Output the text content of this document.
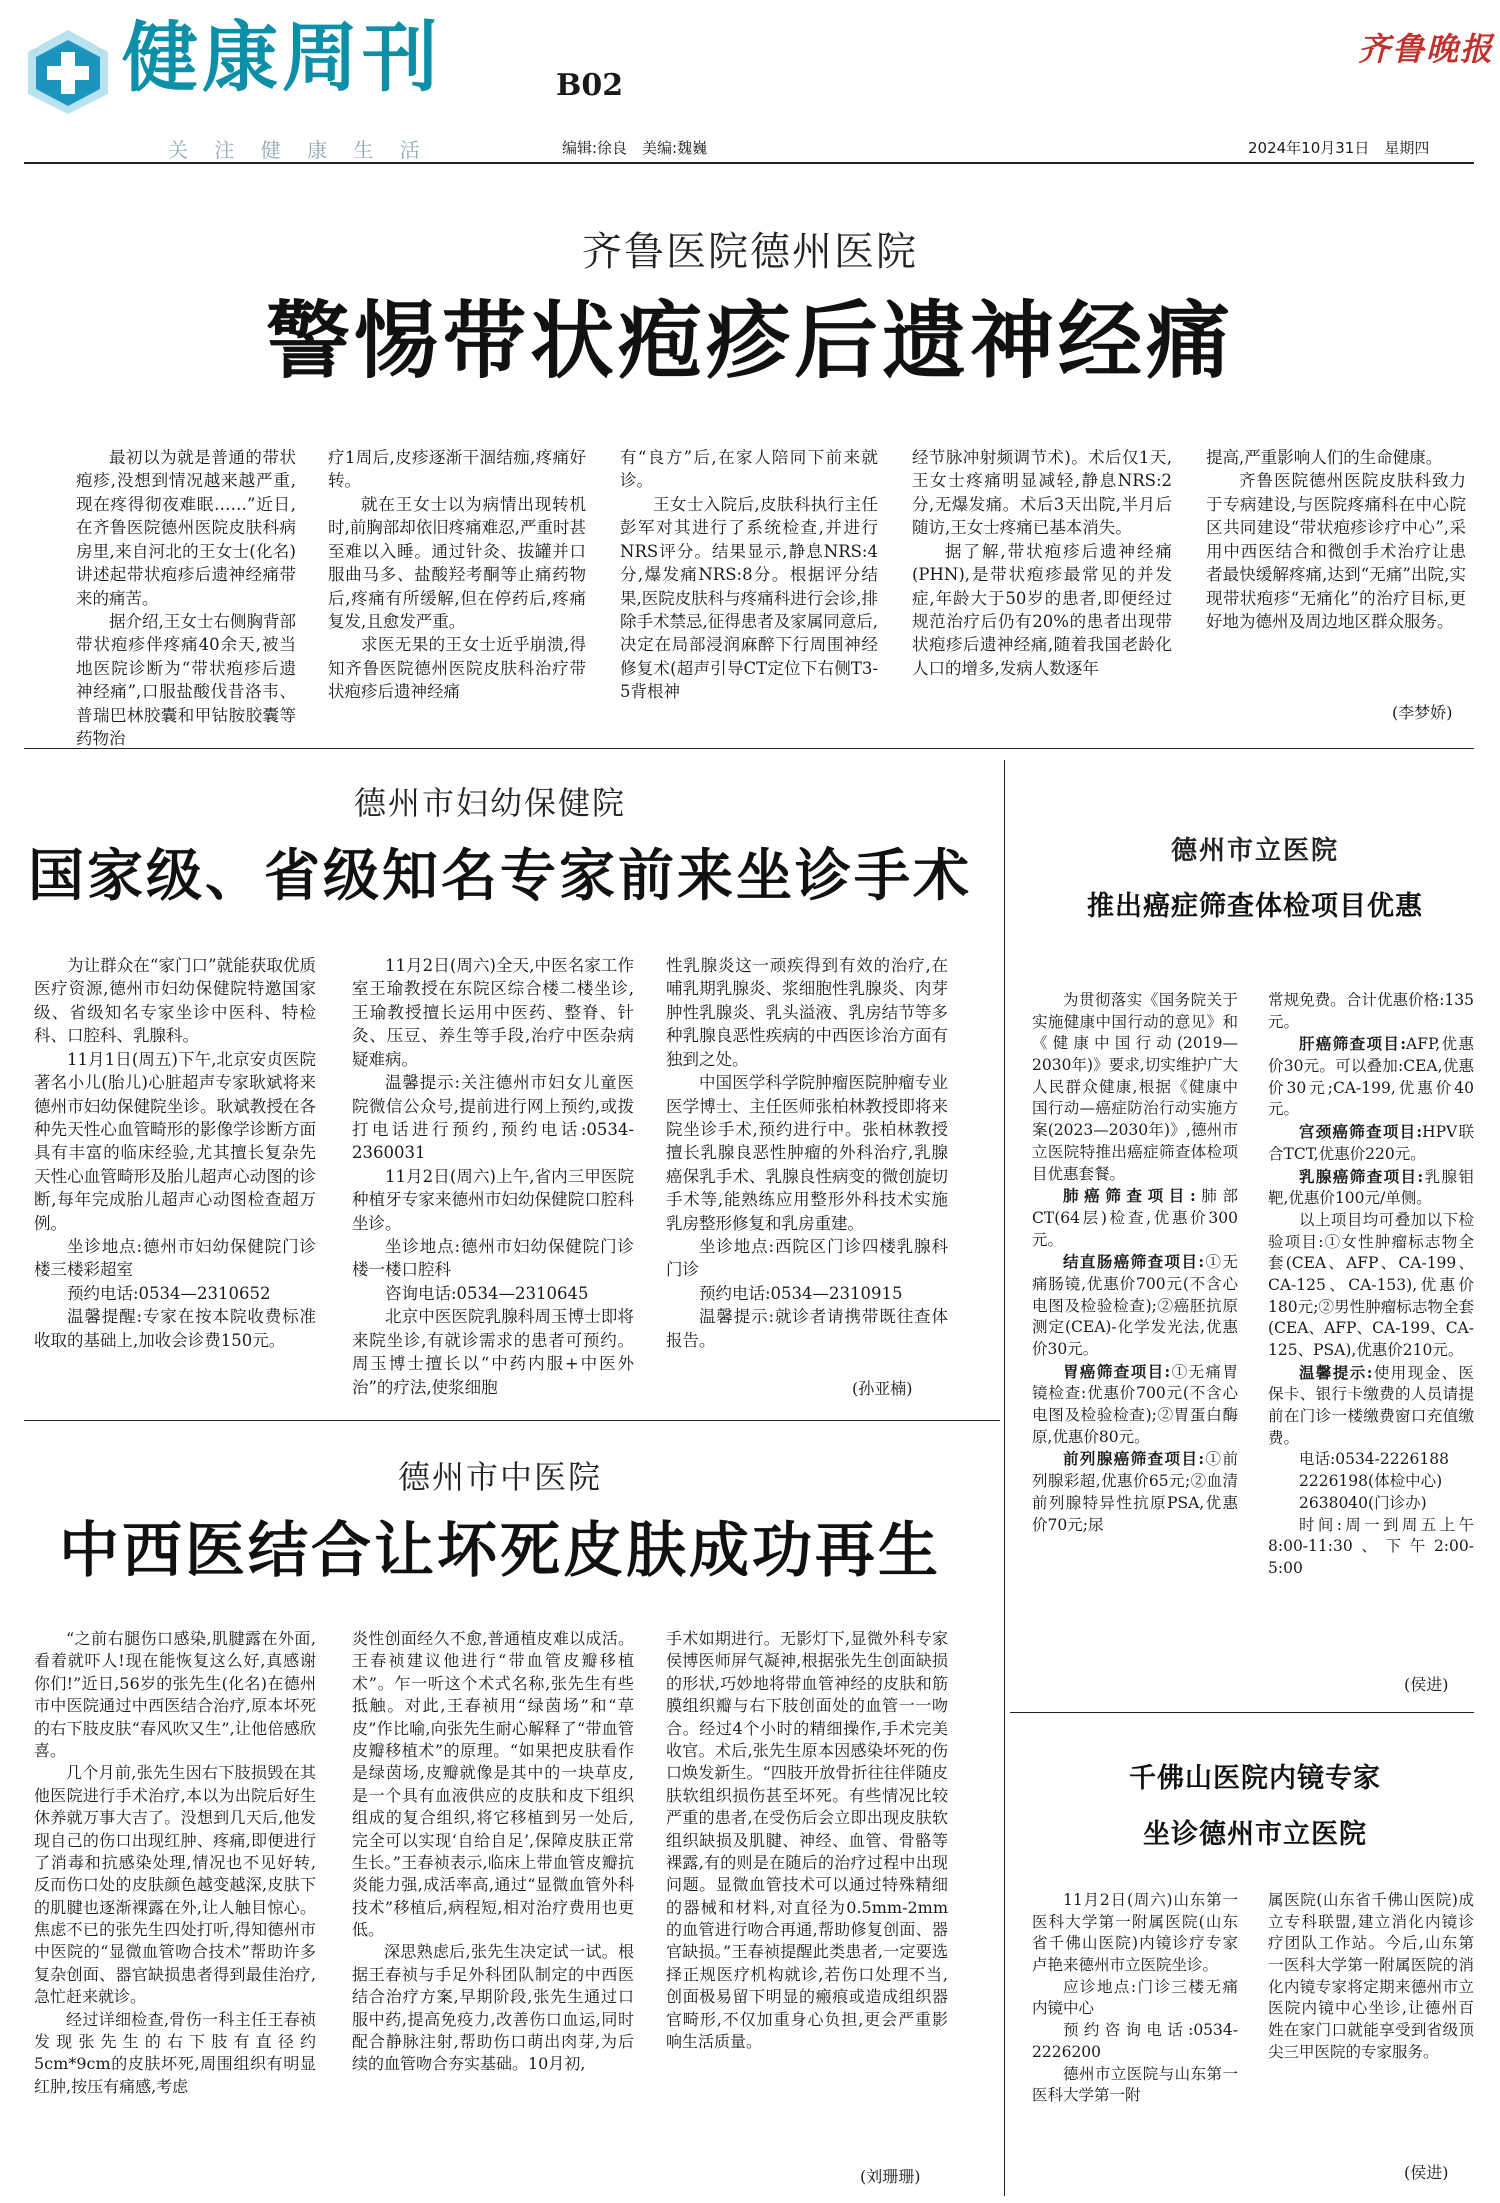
健康周刊	B02
关 注 健 康 生 活
齐鲁晚报
编辑:徐良　美编:魏巍	2024年10月31日　星期四
齐鲁医院德州医院
警惕带状疱疹后遗神经痛

最初以为就是普通的带状疱疹,没想到情况越来越严重,现在疼得彻夜难眠……”近日,在齐鲁医院德州医院皮肤科病房里,来自河北的王女士(化名)讲述起带状疱疹后遗神经痛带来的痛苦。

据介绍,王女士右侧胸背部带状疱疹伴疼痛40余天,被当地医院诊断为“带状疱疹后遗神经痛”,口服盐酸伐昔洛韦、普瑞巴林胶囊和甲钴胺胶囊等药物治

疗1周后,皮疹逐渐干涸结痂,疼痛好转。

就在王女士以为病情出现转机时,前胸部却依旧疼痛难忍,严重时甚至难以入睡。通过针灸、拔罐并口服曲马多、盐酸羟考酮等止痛药物后,疼痛有所缓解,但在停药后,疼痛复发,且愈发严重。

求医无果的王女士近乎崩溃,得知齐鲁医院德州医院皮肤科治疗带状疱疹后遗神经痛

有“良方”后,在家人陪同下前来就诊。

王女士入院后,皮肤科执行主任彭军对其进行了系统检查,并进行NRS评分。结果显示,静息NRS:4分,爆发痛NRS:8分。根据评分结果,医院皮肤科与疼痛科进行会诊,排除手术禁忌,征得患者及家属同意后,决定在局部浸润麻醉下行周围神经修复术(超声引导CT定位下右侧T3-5背根神

经节脉冲射频调节术)。术后仅1天,王女士疼痛明显减轻,静息NRS:2分,无爆发痛。术后3天出院,半月后随访,王女士疼痛已基本消失。

据了解,带状疱疹后遗神经痛(PHN),是带状疱疹最常见的并发症,年龄大于50岁的患者,即便经过规范治疗后仍有20%的患者出现带状疱疹后遗神经痛,随着我国老龄化人口的增多,发病人数逐年

提高,严重影响人们的生命健康。

齐鲁医院德州医院皮肤科致力于专病建设,与医院疼痛科在中心院区共同建设“带状疱疹诊疗中心”,采用中西医结合和微创手术治疗让患者最快缓解疼痛,达到“无痛”出院,实现带状疱疹“无痛化”的治疗目标,更好地为德州及周边地区群众服务。

(李梦娇)
德州市妇幼保健院
国家级、省级知名专家前来坐诊手术

为让群众在“家门口”就能获取优质医疗资源,德州市妇幼保健院特邀国家级、省级知名专家坐诊中医科、特检科、口腔科、乳腺科。

11月1日(周五)下午,北京安贞医院著名小儿(胎儿)心脏超声专家耿斌将来德州市妇幼保健院坐诊。耿斌教授在各种先天性心血管畸形的影像学诊断方面具有丰富的临床经验,尤其擅长复杂先天性心血管畸形及胎儿超声心动图的诊断,每年完成胎儿超声心动图检查超万例。

坐诊地点:德州市妇幼保健院门诊楼三楼彩超室

预约电话:0534—2310652

温馨提醒:专家在按本院收费标准收取的基础上,加收会诊费150元。

11月2日(周六)全天,中医名家工作室王瑜教授在东院区综合楼二楼坐诊,王瑜教授擅长运用中医药、整脊、针灸、压豆、养生等手段,治疗中医杂病疑难病。

温馨提示:关注德州市妇女儿童医院微信公众号,提前进行网上预约,或拨打电话进行预约,预约电话:0534-2360031

11月2日(周六)上午,省内三甲医院种植牙专家来德州市妇幼保健院口腔科坐诊。

坐诊地点:德州市妇幼保健院门诊楼一楼口腔科

咨询电话:0534—2310645

北京中医医院乳腺科周玉博士即将来院坐诊,有就诊需求的患者可预约。周玉博士擅长以“中药内服+中医外治”的疗法,使浆细胞

性乳腺炎这一顽疾得到有效的治疗,在哺乳期乳腺炎、浆细胞性乳腺炎、肉芽肿性乳腺炎、乳头溢液、乳房结节等多种乳腺良恶性疾病的中西医诊治方面有独到之处。

中国医学科学院肿瘤医院肿瘤专业医学博士、主任医师张柏林教授即将来院坐诊手术,预约进行中。张柏林教授擅长乳腺良恶性肿瘤的外科治疗,乳腺癌保乳手术、乳腺良性病变的微创旋切手术等,能熟练应用整形外科技术实施乳房整形修复和乳房重建。

坐诊地点:西院区门诊四楼乳腺科门诊

预约电话:0534—2310915

温馨提示:就诊者请携带既往查体报告。

(孙亚楠)
德州市中医院
中西医结合让坏死皮肤成功再生

“之前右腿伤口感染,肌腱露在外面,看着就吓人!现在能恢复这么好,真感谢你们!”近日,56岁的张先生(化名)在德州市中医院通过中西医结合治疗,原本坏死的右下肢皮肤“春风吹又生”,让他倍感欣喜。

几个月前,张先生因右下肢损毁在其他医院进行手术治疗,本以为出院后好生休养就万事大吉了。没想到几天后,他发现自己的伤口出现红肿、疼痛,即便进行了消毒和抗感染处理,情况也不见好转,反而伤口处的皮肤颜色越变越深,皮肤下的肌腱也逐渐裸露在外,让人触目惊心。焦虑不已的张先生四处打听,得知德州市中医院的“显微血管吻合技术”帮助许多复杂创面、器官缺损患者得到最佳治疗,急忙赶来就诊。

经过详细检查,骨伤一科主任王春祯发现张先生的右下肢有直径约5cm*9cm的皮肤坏死,周围组织有明显红肿,按压有痛感,考虑

炎性创面经久不愈,普通植皮难以成活。王春祯建议他进行“带血管皮瓣移植术”。乍一听这个术式名称,张先生有些抵触。对此,王春祯用“绿茵场”和“草皮”作比喻,向张先生耐心解释了“带血管皮瓣移植术”的原理。“如果把皮肤看作是绿茵场,皮瓣就像是其中的一块草皮,是一个具有血液供应的皮肤和皮下组织组成的复合组织,将它移植到另一处后,完全可以实现‘自给自足’,保障皮肤正常生长。”王春祯表示,临床上带血管皮瓣抗炎能力强,成活率高,通过“显微血管外科技术”移植后,病程短,相对治疗费用也更低。

深思熟虑后,张先生决定试一试。根据王春祯与手足外科团队制定的中西医结合治疗方案,早期阶段,张先生通过口服中药,提高免疫力,改善伤口血运,同时配合静脉注射,帮助伤口萌出肉芽,为后续的血管吻合夯实基础。10月初,

手术如期进行。无影灯下,显微外科专家侯博医师屏气凝神,根据张先生创面缺损的形状,巧妙地将带血管神经的皮肤和筋膜组织瓣与右下肢创面处的血管一一吻合。经过4个小时的精细操作,手术完美收官。术后,张先生原本因感染坏死的伤口焕发新生。“四肢开放骨折往往伴随皮肤软组织损伤甚至坏死。有些情况比较严重的患者,在受伤后会立即出现皮肤软组织缺损及肌腱、神经、血管、骨骼等裸露,有的则是在随后的治疗过程中出现问题。显微血管技术可以通过特殊精细的器械和材料,对直径为0.5mm-2mm的血管进行吻合再通,帮助修复创面、器官缺损。”王春祯提醒此类患者,一定要选择正规医疗机构就诊,若伤口处理不当,创面极易留下明显的瘢痕或造成组织器官畸形,不仅加重身心负担,更会严重影响生活质量。

(刘珊珊)
德州市立医院
推出癌症筛查体检项目优惠

为贯彻落实《国务院关于实施健康中国行动的意见》和《健康中国行动(2019—2030年)》要求,切实维护广大人民群众健康,根据《健康中国行动—癌症防治行动实施方案(2023—2030年)》,德州市立医院特推出癌症筛查体检项目优惠套餐。

肺癌筛查项目:肺部CT(64层)检查,优惠价300元。

结直肠癌筛查项目:①无痛肠镜,优惠价700元(不含心电图及检验检查);②癌胚抗原测定(CEA)-化学发光法,优惠价30元。

胃癌筛查项目:①无痛胃镜检查:优惠价700元(不含心电图及检验检查);②胃蛋白酶原,优惠价80元。

前列腺癌筛查项目:①前列腺彩超,优惠价65元;②血清前列腺特异性抗原PSA,优惠价70元;尿

常规免费。合计优惠价格:135元。

肝癌筛查项目:AFP,优惠价30元。可以叠加:CEA,优惠价30元;CA-199,优惠价40元。

宫颈癌筛查项目:HPV联合TCT,优惠价220元。

乳腺癌筛查项目:乳腺钼靶,优惠价100元/单侧。

以上项目均可叠加以下检验项目:①女性肿瘤标志物全套(CEA、AFP、CA-199、CA-125、CA-153),优惠价180元;②男性肿瘤标志物全套(CEA、AFP、CA-199、CA-125、PSA),优惠价210元。

温馨提示:使用现金、医保卡、银行卡缴费的人员请提前在门诊一楼缴费窗口充值缴费。

电话:0534-2226188

2226198(体检中心)

2638040(门诊办)

时间:周一到周五上午8:00-11:30、下午2:00-5:00

(侯进)
千佛山医院内镜专家
坐诊德州市立医院

11月2日(周六)山东第一医科大学第一附属医院(山东省千佛山医院)内镜诊疗专家卢艳来德州市立医院坐诊。

应诊地点:门诊三楼无痛内镜中心

预约咨询电话:0534-2226200

德州市立医院与山东第一医科大学第一附

属医院(山东省千佛山医院)成立专科联盟,建立消化内镜诊疗团队工作站。今后,山东第一医科大学第一附属医院的消化内镜专家将定期来德州市立医院内镜中心坐诊,让德州百姓在家门口就能享受到省级顶尖三甲医院的专家服务。

(侯进)
